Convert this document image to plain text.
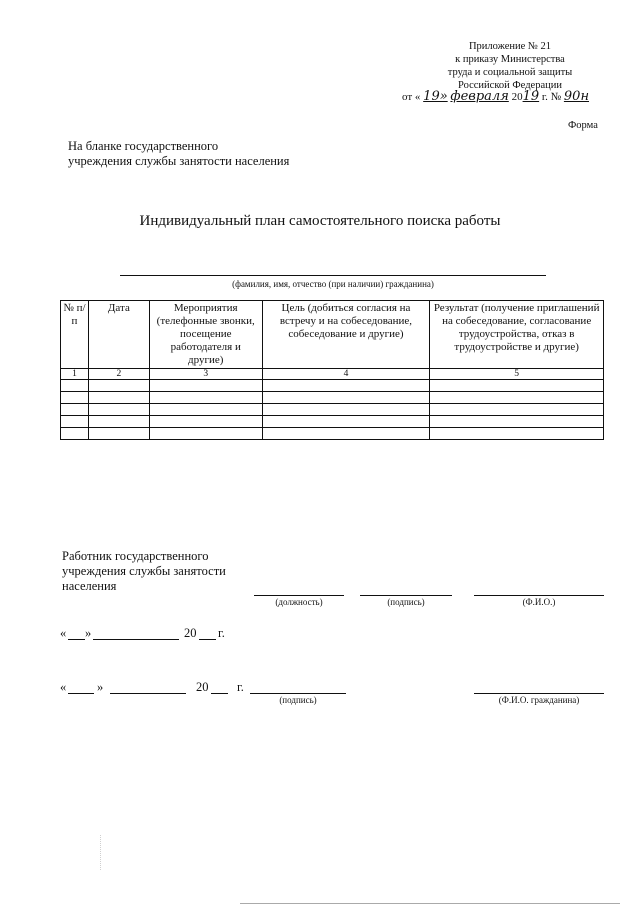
Приложение № 21
к приказу Министерства
труда и социальной защиты
Российской Федерации
от « 19» февраля 2019 г. № 90н
Форма
На бланке государственного
учреждения службы занятости населения
Индивидуальный план самостоятельного поиска работы
(фамилия, имя, отчество (при наличии) гражданина)
№ п/п	Дата	Мероприятия (телефонные звонки, посещение работодателя и другие)	Цель (добиться согласия на встречу и на собеседование, собеседование и другие)	Результат (получение приглашений на собеседование, согласование трудоустройства, отказ в трудоустройстве и другие)
1	2	3	4	5

Работник государственного
учреждения службы занятости
населения
(должность)	(подпись)	(Ф.И.О.)
« »	20 г.
« »	20 г.
(подпись)	(Ф.И.О. гражданина)
